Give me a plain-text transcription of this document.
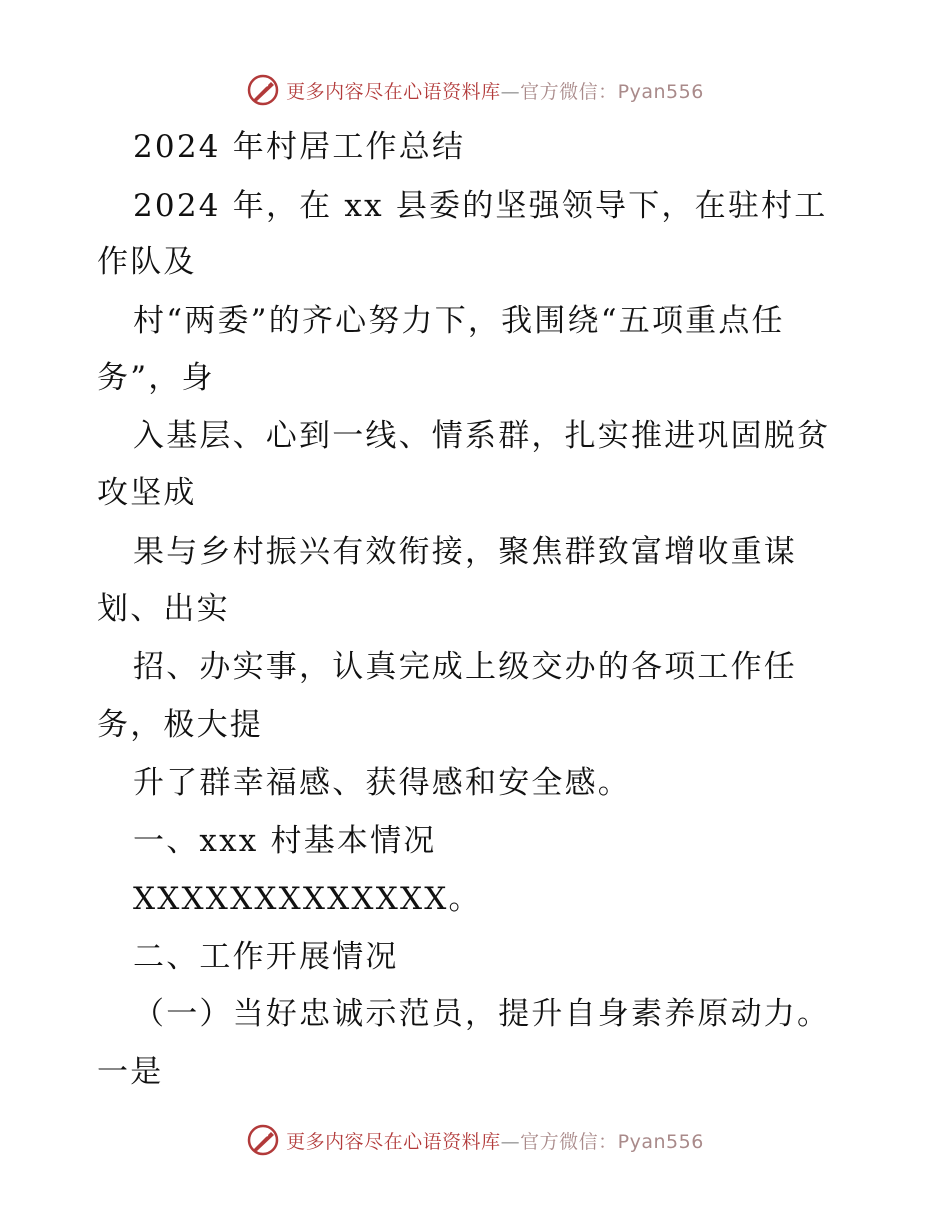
更多内容尽在心语资料库—官方微信：Pyan556

2024 年村居工作总结

2024 年，在 xx 县委的坚强领导下，在驻村工

作队及

村“两委”的齐心努力下，我围绕“五项重点任

务”，身

入基层、心到一线、情系群，扎实推进巩固脱贫

攻坚成

果与乡村振兴有效衔接，聚焦群致富增收重谋

划、出实

招、办实事，认真完成上级交办的各项工作任

务，极大提

升了群幸福感、获得感和安全感。

一、xxx 村基本情况

XXXXXXXXXXXXX。

二、工作开展情况

（一）当好忠诚示范员，提升自身素养原动力。

一是

更多内容尽在心语资料库—官方微信：Pyan556
